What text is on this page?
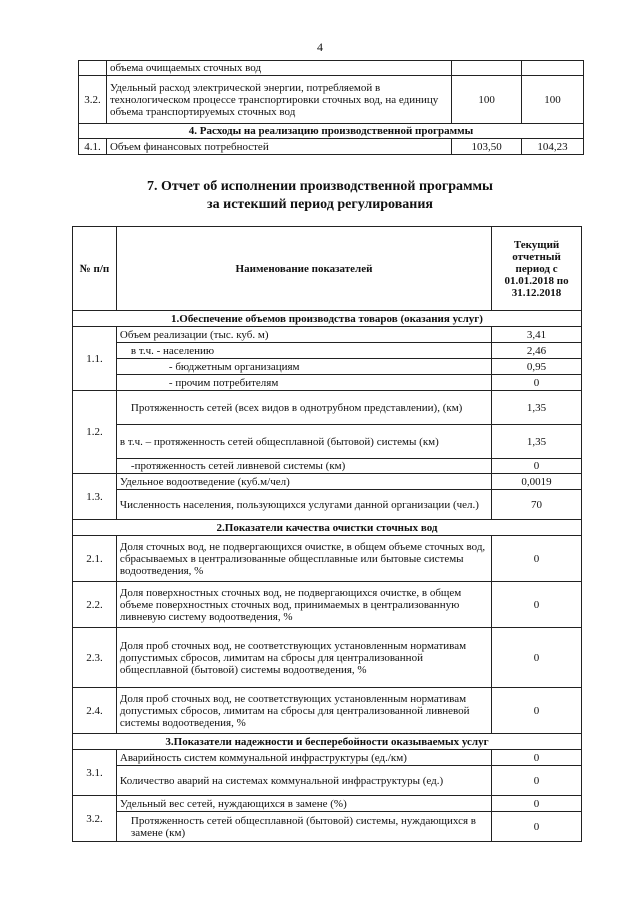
4
	объема очищаемых сточных вод		
3.2.	Удельный расход электрической энергии, потребляемой в технологическом процессе транспортировки сточных вод, на единицу объема транспортируемых сточных вод	100	100
4. Расходы на реализацию производственной программы			
4.1.	Объем финансовых потребностей	103,50	104,23
7. Отчет об исполнении производственной программы
за истекший период регулирования
№ п/п	Наименование показателей	Текущий отчетный период с 01.01.2018 по 31.12.2018
1.Обеспечение объемов производства товаров (оказания услуг)		
1.1.	Объем реализации (тыс. куб. м)	3,41
	в т.ч. - населению	2,46
	- бюджетным организациям	0,95
	- прочим потребителям	0
1.2.	Протяженность сетей (всех видов в однотрубном представлении), (км)	1,35
	в т.ч. – протяженность сетей общесплавной (бытовой) системы (км)	1,35
	-протяженность сетей ливневой системы (км)	0
1.3.	Удельное водоотведение (куб.м/чел)	0,0019
	Численность населения, пользующихся услугами данной организации (чел.)	70
2.Показатели качества очистки сточных вод		
2.1.	Доля сточных вод, не подвергающихся очистке, в общем объеме сточных вод, сбрасываемых в централизованные общесплавные или бытовые системы водоотведения, %	0
2.2.	Доля поверхностных сточных вод, не подвергающихся очистке, в общем объеме поверхностных сточных вод, принимаемых в централизованную ливневую систему водоотведения, %	0
2.3.	Доля проб сточных вод, не соответствующих установленным нормативам допустимых сбросов, лимитам на сбросы для централизованной общесплавной (бытовой) системы водоотведения, %	0
2.4.	Доля проб сточных вод, не соответствующих установленным нормативам допустимых сбросов, лимитам на сбросы для централизованной ливневой системы водоотведения, %	0
3.Показатели надежности и бесперебойности оказываемых услуг		
3.1.	Аварийность систем коммунальной инфраструктуры (ед./км)	0
	Количество аварий на системах коммунальной инфраструктуры (ед.)	0
3.2.	Удельный вес сетей, нуждающихся в замене (%)	0
	Протяженность сетей общесплавной (бытовой) системы, нуждающихся в замене (км)	0
